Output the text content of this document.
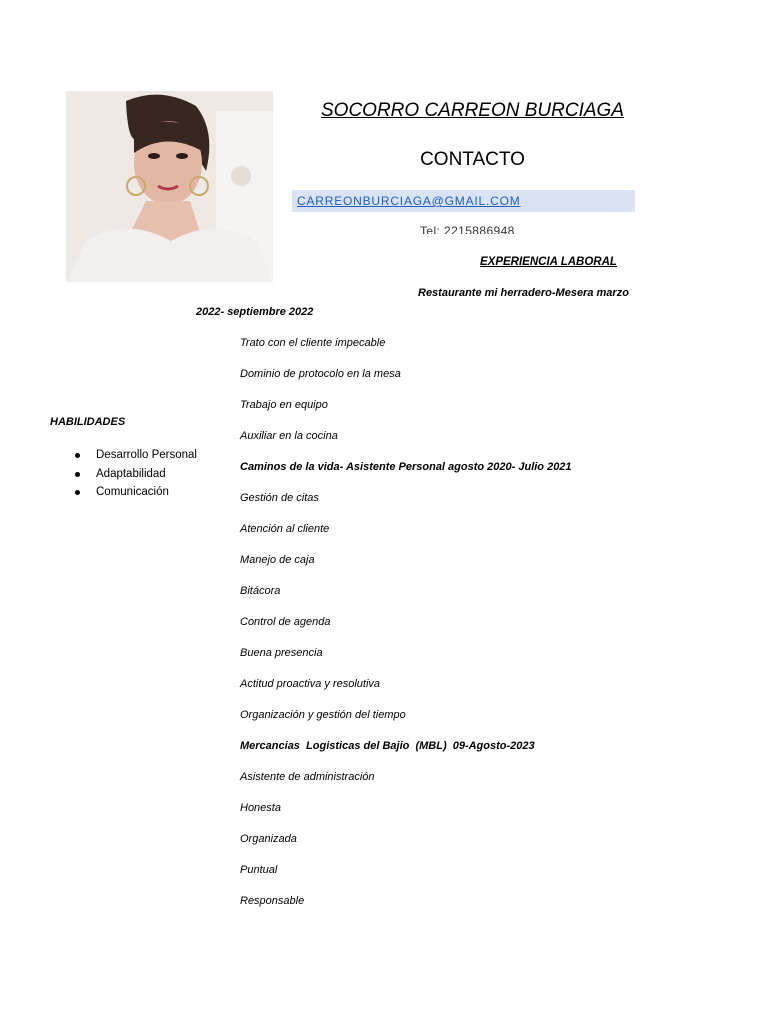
SOCORRO CARREON BURCIAGA
CONTACTO
CARREONBURCIAGA@GMAIL.COM
Tel: 2215886948
EXPERIENCIA LABORAL
Restaurante mi herradero-Mesera marzo
2022- septiembre 2022
Trato con el cliente impecable
Dominio de protocolo en la mesa
Trabajo en equipo
Auxiliar en la cocina
Caminos de la vida- Asistente Personal agosto 2020- Julio 2021
Gestión de citas
Atención al cliente
Manejo de caja
Bitácora
Control de agenda
Buena presencia
Actitud proactiva y resolutiva
Organización y gestión del tiempo
Mercancias  Logisticas del Bajio  (MBL)  09-Agosto-2023
Asistente de administración
Honesta
Organizada
Puntual
Responsable
HABILIDADES
Desarrollo Personal
Adaptabilidad
Comunicación
